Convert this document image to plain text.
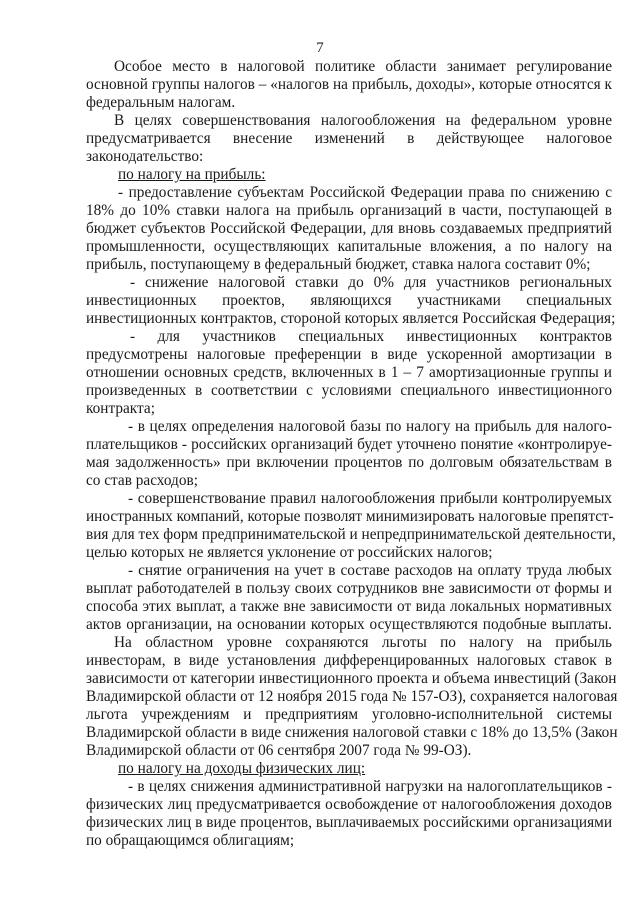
7
Особое место в налоговой политике области занимает регулирование
основной группы налогов – «налогов на прибыль, доходы», которые относятся к
федеральным налогам.
В целях совершенствования налогообложения на федеральном уровне
предусматривается внесение изменений в действующее налоговое
законодательство:
по налогу на прибыль:
- предоставление субъектам Российской Федерации права по снижению с
18% до 10% ставки налога на прибыль организаций в части, поступающей в
бюджет субъектов Российской Федерации, для вновь создаваемых предприятий
промышленности, осуществляющих капитальные вложения, а по налогу на
прибыль, поступающему в федеральный бюджет, ставка налога составит 0%;
- снижение налоговой ставки до 0% для участников региональных
инвестиционных проектов, являющихся участниками специальных
инвестиционных контрактов, стороной которых является Российская Федерация;
- для участников специальных инвестиционных контрактов
предусмотрены налоговые преференции в виде ускоренной амортизации в
отношении основных средств, включенных в 1 – 7 амортизационные группы и
произведенных в соответствии с условиями специального инвестиционного
контракта;
- в целях определения налоговой базы по налогу на прибыль для налого-
плательщиков - российских организаций будет уточнено понятие «контролируе-
мая задолженность» при включении процентов по долговым обязательствам в
со став расходов;
- совершенствование правил налогообложения прибыли контролируемых
иностранных компаний, которые позволят минимизировать налоговые препятст-
вия для тех форм предпринимательской и непредпринимательской деятельности,
целью которых не является уклонение от российских налогов;
- снятие ограничения на учет в составе расходов на оплату труда любых
выплат работодателей в пользу своих сотрудников вне зависимости от формы и
способа этих выплат, а также вне зависимости от вида локальных нормативных
актов организации, на основании которых осуществляются подобные выплаты.
На областном уровне сохраняются льготы по налогу на прибыль
инвесторам, в виде установления дифференцированных налоговых ставок в
зависимости от категории инвестиционного проекта и объема инвестиций (Закон
Владимирской области от 12 ноября 2015 года № 157-ОЗ), сохраняется налоговая
льгота учреждениям и предприятиям уголовно-исполнительной системы
Владимирской области в виде снижения налоговой ставки с 18% до 13,5% (Закон
Владимирской области от 06 сентября 2007 года № 99-ОЗ).
по налогу на доходы физических лиц:
- в целях снижения административной нагрузки на налогоплательщиков -
физических лиц предусматривается освобождение от налогообложения доходов
физических лиц в виде процентов, выплачиваемых российскими организациями
по обращающимся облигациям;
